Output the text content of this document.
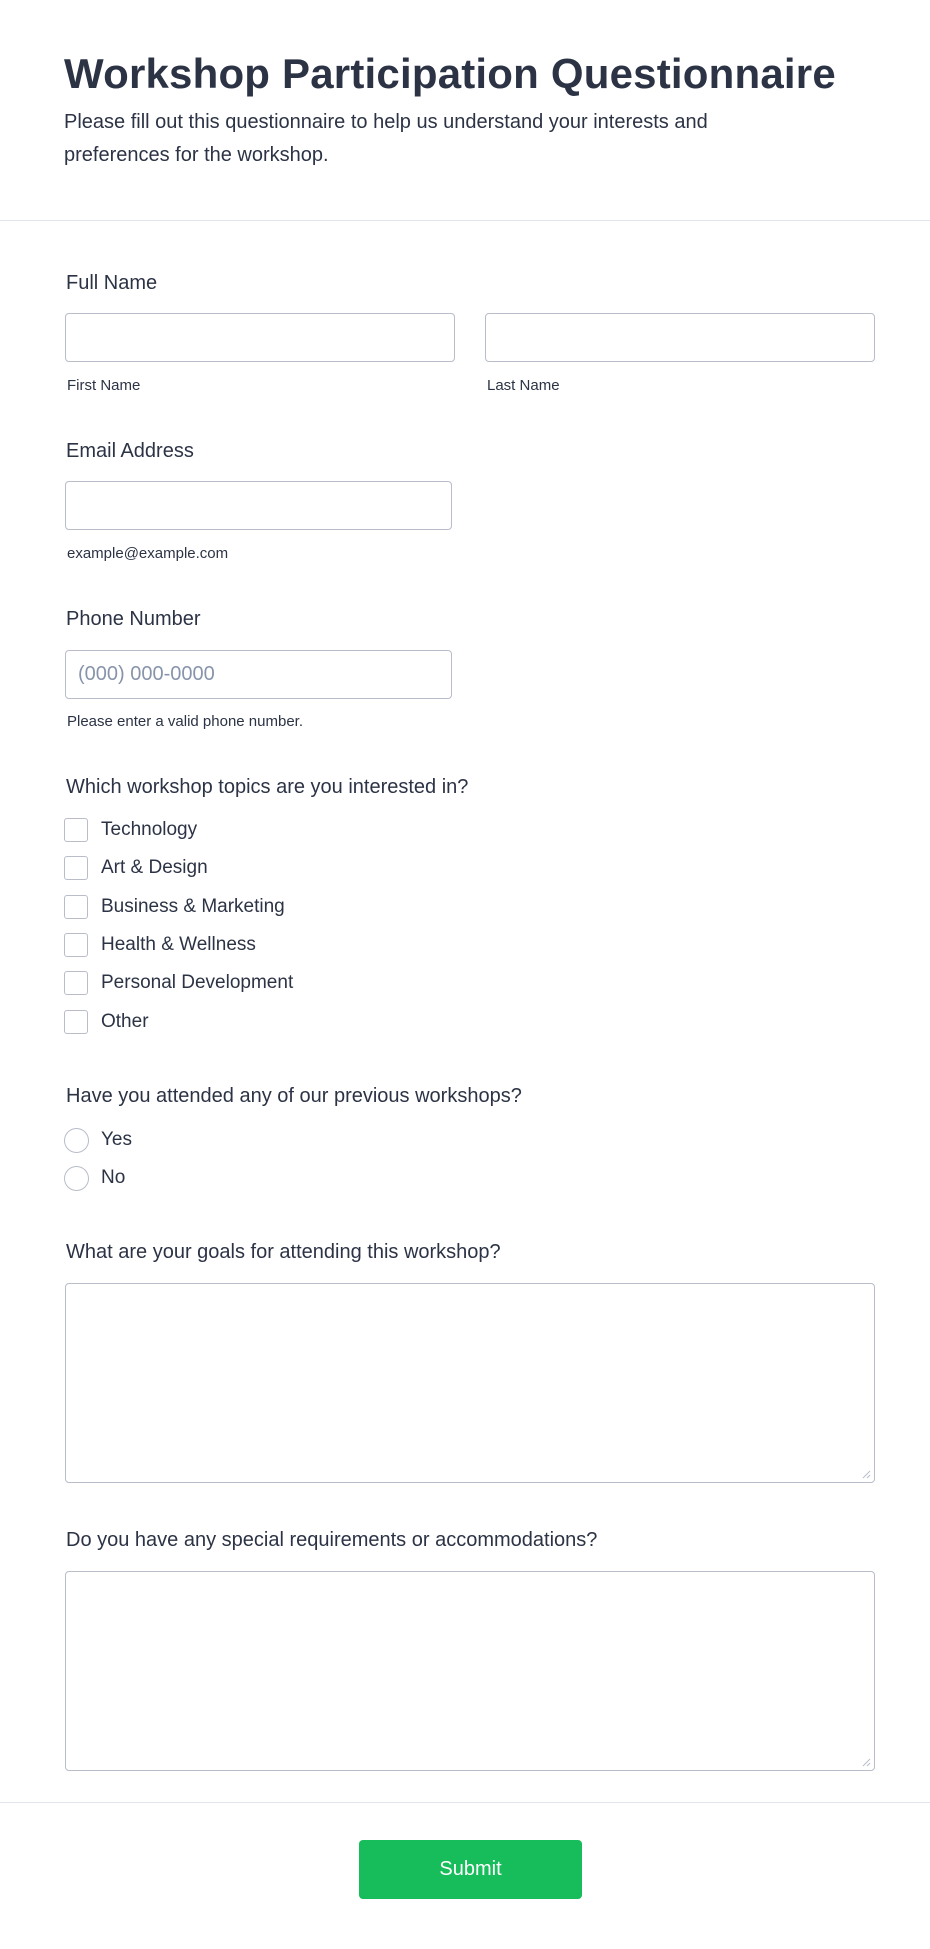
Workshop Participation Questionnaire
Please fill out this questionnaire to help us understand your interests and preferences for the workshop.
Full Name
First Name	Last Name
Email Address
example@example.com
Phone Number
(000) 000-0000
Please enter a valid phone number.
Which workshop topics are you interested in?
Technology
Art & Design
Business & Marketing
Health & Wellness
Personal Development
Other
Have you attended any of our previous workshops?
Yes
No
What are your goals for attending this workshop?
Do you have any special requirements or accommodations?
Submit
